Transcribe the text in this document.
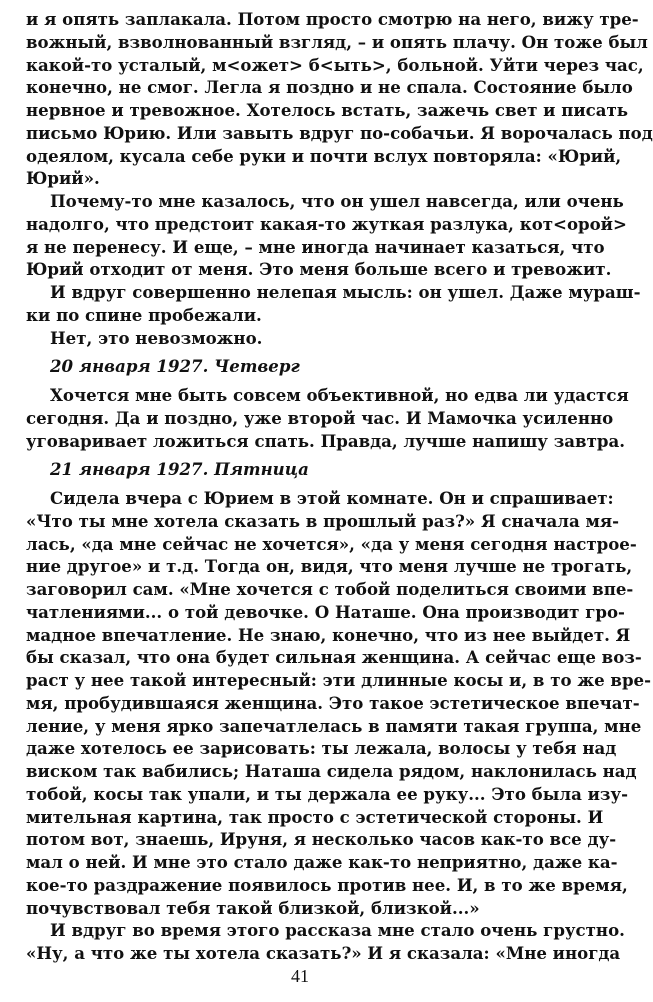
и я опять заплакала. Потом просто смотрю на него, вижу тре-
вожный, взволнованный взгляд, – и опять плачу. Он тоже был
какой-то усталый, м<ожет> б<ыть>, больной. Уйти через час,
конечно, не смог. Легла я поздно и не спала. Состояние было
нервное и тревожное. Хотелось встать, зажечь свет и писать
письмо Юрию. Или завыть вдруг по-собачьи. Я ворочалась под
одеялом, кусала себе руки и почти вслух повторяла: «Юрий,
Юрий».
Почему-то мне казалось, что он ушел навсегда, или очень
надолго, что предстоит какая-то жуткая разлука, кот<орой>
я не перенесу. И еще, – мне иногда начинает казаться, что
Юрий отходит от меня. Это меня больше всего и тревожит.
И вдруг совершенно нелепая мысль: он ушел. Даже мураш-
ки по спине пробежали.
Нет, это невозможно.
20 января 1927. Четверг
Хочется мне быть совсем объективной, но едва ли удастся
сегодня. Да и поздно, уже второй час. И Мамочка усиленно
уговаривает ложиться спать. Правда, лучше напишу завтра.
21 января 1927. Пятница
Сидела вчера с Юрием в этой комнате. Он и спрашивает:
«Что ты мне хотела сказать в прошлый раз?» Я сначала мя-
лась, «да мне сейчас не хочется», «да у меня сегодня настрое-
ние другое» и т.д. Тогда он, видя, что меня лучше не трогать,
заговорил сам. «Мне хочется с тобой поделиться своими впе-
чатлениями... о той девочке. О Наташе. Она производит гро-
мадное впечатление. Не знаю, конечно, что из нее выйдет. Я
бы сказал, что она будет сильная женщина. А сейчас еще воз-
раст у нее такой интересный: эти длинные косы и, в то же вре-
мя, пробудившаяся женщина. Это такое эстетическое впечат-
ление, у меня ярко запечатлелась в памяти такая группа, мне
даже хотелось ее зарисовать: ты лежала, волосы у тебя над
виском так вабились; Наташа сидела рядом, наклонилась над
тобой, косы так упали, и ты держала ее руку... Это была изу-
мительная картина, так просто с эстетической стороны. И
потом вот, знаешь, Ируня, я несколько часов как-то все ду-
мал о ней. И мне это стало даже как-то неприятно, даже ка-
кое-то раздражение появилось против нее. И, в то же время,
почувствовал тебя такой близкой, близкой...»
И вдруг во время этого рассказа мне стало очень грустно.
«Ну, а что же ты хотела сказать?» И я сказала: «Мне иногда
41
